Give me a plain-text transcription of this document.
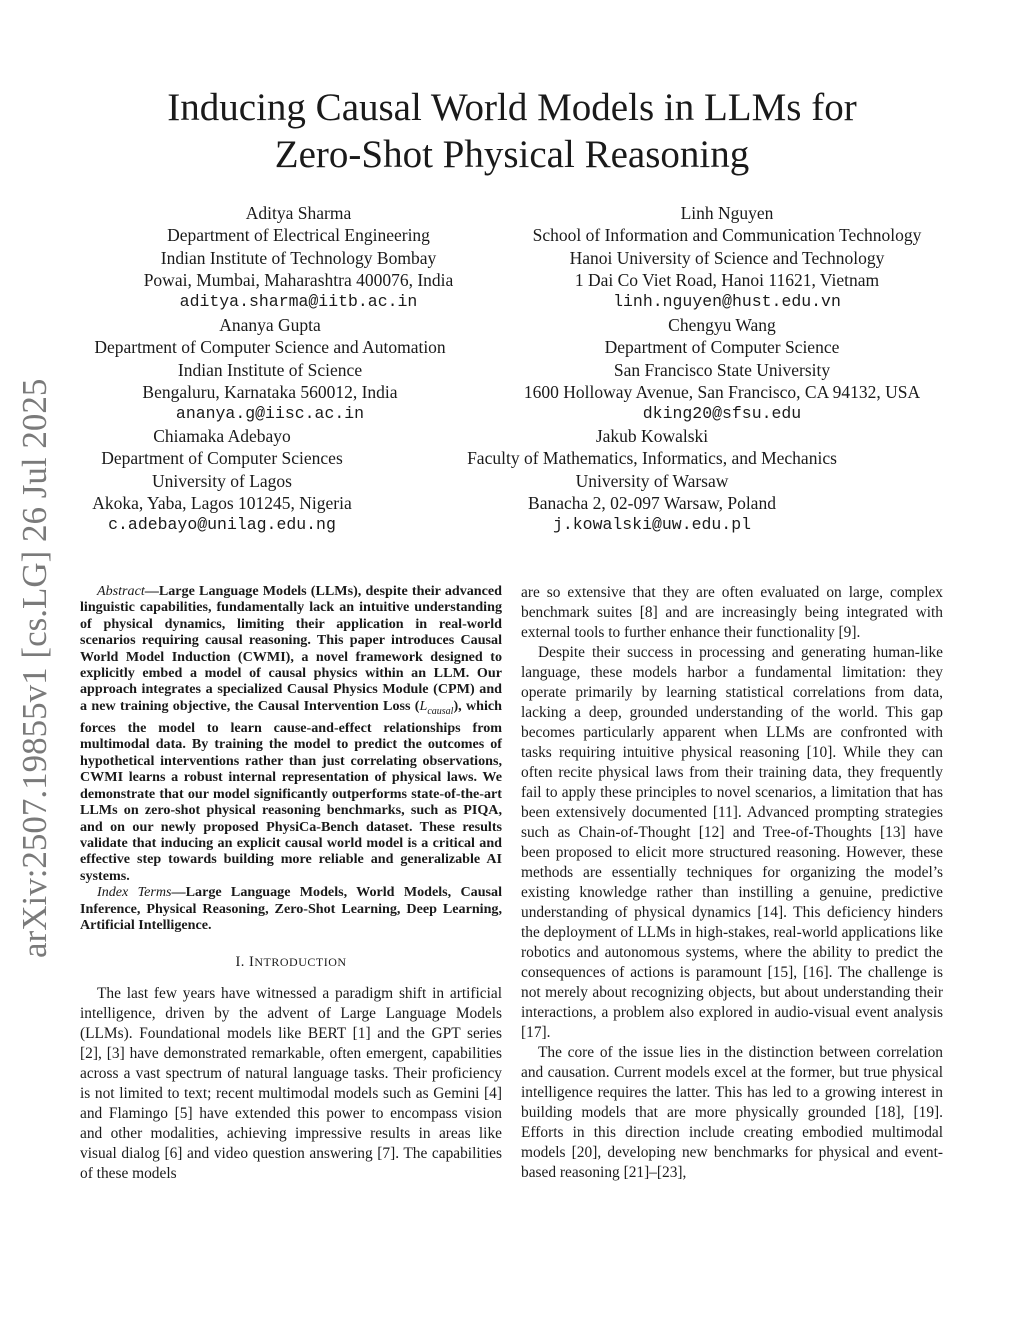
arXiv:2507.19855v1 [cs.LG] 26 Jul 2025
Inducing Causal World Models in LLMs for
Zero-Shot Physical Reasoning
Aditya Sharma
Department of Electrical Engineering
Indian Institute of Technology Bombay
Powai, Mumbai, Maharashtra 400076, India
aditya.sharma@iitb.ac.in
Linh Nguyen
School of Information and Communication Technology
Hanoi University of Science and Technology
1 Dai Co Viet Road, Hanoi 11621, Vietnam
linh.nguyen@hust.edu.vn
Ananya Gupta
Department of Computer Science and Automation
Indian Institute of Science
Bengaluru, Karnataka 560012, India
ananya.g@iisc.ac.in
Chengyu Wang
Department of Computer Science
San Francisco State University
1600 Holloway Avenue, San Francisco, CA 94132, USA
dking20@sfsu.edu
Chiamaka Adebayo
Department of Computer Sciences
University of Lagos
Akoka, Yaba, Lagos 101245, Nigeria
c.adebayo@unilag.edu.ng
Jakub Kowalski
Faculty of Mathematics, Informatics, and Mechanics
University of Warsaw
Banacha 2, 02-097 Warsaw, Poland
j.kowalski@uw.edu.pl

Abstract—Large Language Models (LLMs), despite their advanced linguistic capabilities, fundamentally lack an intuitive understanding of physical dynamics, limiting their application in real-world scenarios requiring causal reasoning. This paper introduces Causal World Model Induction (CWMI), a novel framework designed to explicitly embed a model of causal physics within an LLM. Our approach integrates a specialized Causal Physics Module (CPM) and a new training objective, the Causal Intervention Loss $(L_{causal})$, which forces the model to learn cause-and-effect relationships from multimodal data. By training the model to predict the outcomes of hypothetical interventions rather than just correlating observations, CWMI learns a robust internal representation of physical laws. We demonstrate that our model significantly outperforms state-of-the-art LLMs on zero-shot physical reasoning benchmarks, such as PIQA, and on our newly proposed PhysiCa-Bench dataset. These results validate that inducing an explicit causal world model is a critical and effective step towards building more reliable and generalizable AI systems.

Index Terms—Large Language Models, World Models, Causal Inference, Physical Reasoning, Zero-Shot Learning, Deep Learning, Artificial Intelligence.

I. INTRODUCTION

The last few years have witnessed a paradigm shift in artificial intelligence, driven by the advent of Large Language Models (LLMs). Foundational models like BERT [1] and the GPT series [2], [3] have demonstrated remarkable, often emergent, capabilities across a vast spectrum of natural language tasks. Their proficiency is not limited to text; recent multimodal models such as Gemini [4] and Flamingo [5] have extended this power to encompass vision and other modalities, achieving impressive results in areas like visual dialog [6] and video question answering [7]. The capabilities of these models

are so extensive that they are often evaluated on large, complex benchmark suites [8] and are increasingly being integrated with external tools to further enhance their functionality [9].

Despite their success in processing and generating human-like language, these models harbor a fundamental limitation: they operate primarily by learning statistical correlations from data, lacking a deep, grounded understanding of the world. This gap becomes particularly apparent when LLMs are confronted with tasks requiring intuitive physical reasoning [10]. While they can often recite physical laws from their training data, they frequently fail to apply these principles to novel scenarios, a limitation that has been extensively documented [11]. Advanced prompting strategies such as Chain-of-Thought [12] and Tree-of-Thoughts [13] have been proposed to elicit more structured reasoning. However, these methods are essentially techniques for organizing the model’s existing knowledge rather than instilling a genuine, predictive understanding of physical dynamics [14]. This deficiency hinders the deployment of LLMs in high-stakes, real-world applications like robotics and autonomous systems, where the ability to predict the consequences of actions is paramount [15], [16]. The challenge is not merely about recognizing objects, but about understanding their interactions, a problem also explored in audio-visual event analysis [17].

The core of the issue lies in the distinction between correlation and causation. Current models excel at the former, but true physical intelligence requires the latter. This has led to a growing interest in building models that are more physically grounded [18], [19]. Efforts in this direction include creating embodied multimodal models [20], developing new benchmarks for physical and event-based reasoning [21]–[23],
